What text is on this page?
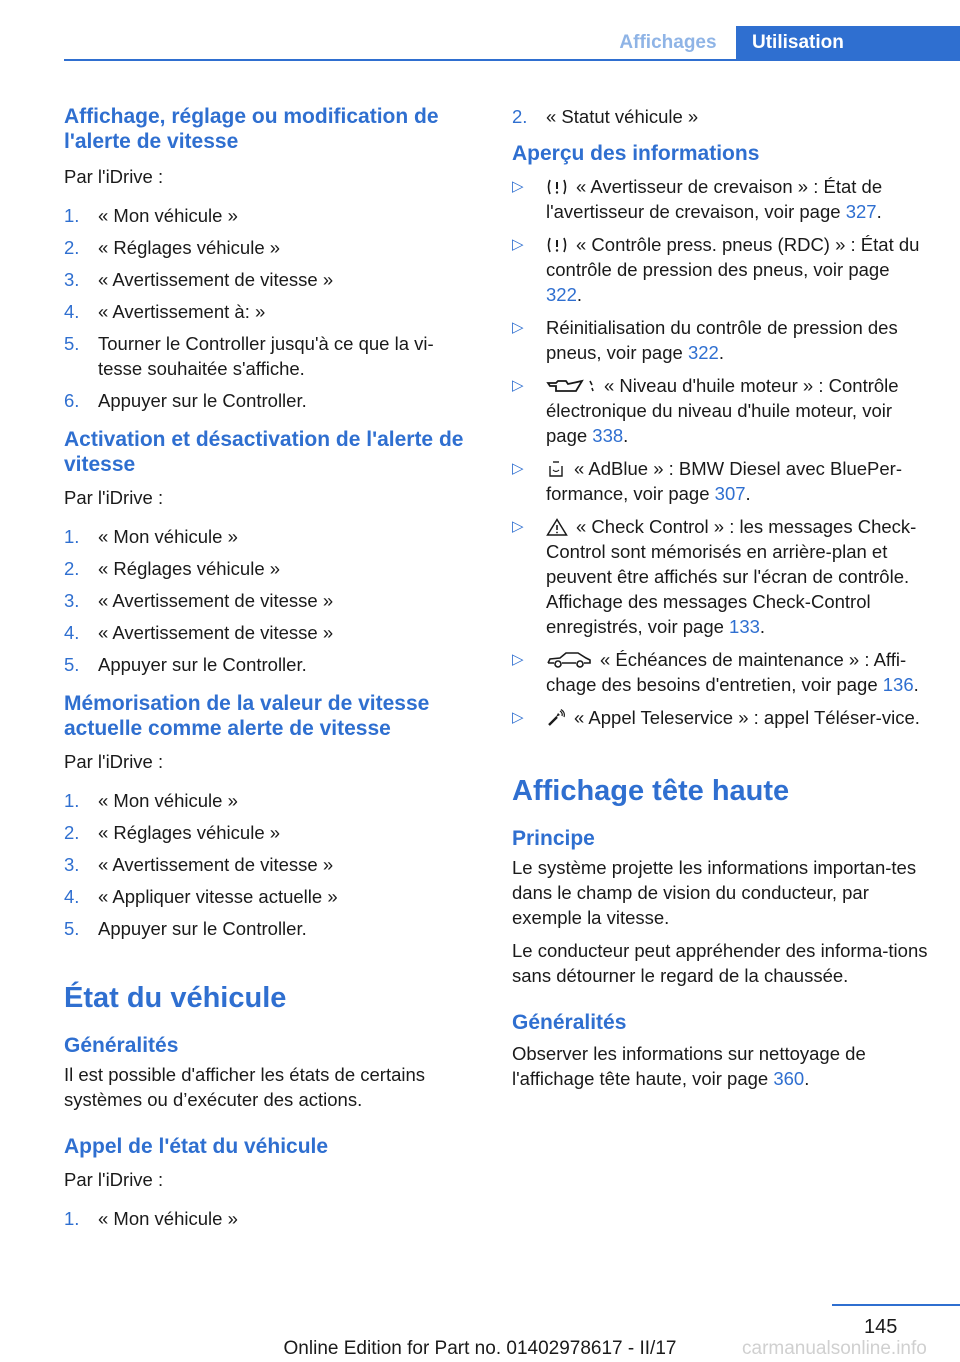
Affichages	Utilisation
Affichage, réglage ou modification de l'alerte de vitesse

Par l'iDrive :

1. « Mon véhicule »
2. « Réglages véhicule »
3. « Avertissement de vitesse »
4. « Avertissement à: »
5. Tourner le Controller jusqu'à ce que la vi-tesse souhaitée s'affiche.
6. Appuyer sur le Controller.
Activation et désactivation de l'alerte de vitesse

Par l'iDrive :

1. « Mon véhicule »
2. « Réglages véhicule »
3. « Avertissement de vitesse »
4. « Avertissement de vitesse »
5. Appuyer sur le Controller.
Mémorisation de la valeur de vitesse actuelle comme alerte de vitesse

Par l'iDrive :

1. « Mon véhicule »
2. « Réglages véhicule »
3. « Avertissement de vitesse »
4. « Appliquer vitesse actuelle »
5. Appuyer sur le Controller.
État du véhicule
Généralités

Il est possible d'afficher les états de certains systèmes ou d’exécuter des actions.

Appel de l'état du véhicule

Par l'iDrive :

1. « Mon véhicule »
2. « Statut véhicule »
Aperçu des informations
▷	« Avertisseur de crevaison » : État de l'avertisseur de crevaison, voir page 327.
▷	« Contrôle press. pneus (RDC) » : État du contrôle de pression des pneus, voir page 322.
▷ Réinitialisation du contrôle de pression des pneus, voir page 322.
▷	« Niveau d'huile moteur » : Contrôle électronique du niveau d'huile moteur, voir page 338.
▷	« AdBlue » : BMW Diesel avec BluePer-formance, voir page 307.
▷	« Check Control » : les messages Check-Control sont mémorisés en arrière-plan et peuvent être affichés sur l'écran de contrôle. Affichage des messages Check-Control enregistrés, voir page 133.
▷	« Échéances de maintenance » : Affi-chage des besoins d'entretien, voir page 136.
▷	« Appel Teleservice » : appel Téléser-vice.
Affichage tête haute
Principe

Le système projette les informations importan-tes dans le champ de vision du conducteur, par exemple la vitesse.

Le conducteur peut appréhender des informa-tions sans détourner le regard de la chaussée.

Généralités

Observer les informations sur nettoyage de l'affichage tête haute, voir page 360.

145
Online Edition for Part no. 01402978617 - II/17	carmanualsonline.info
